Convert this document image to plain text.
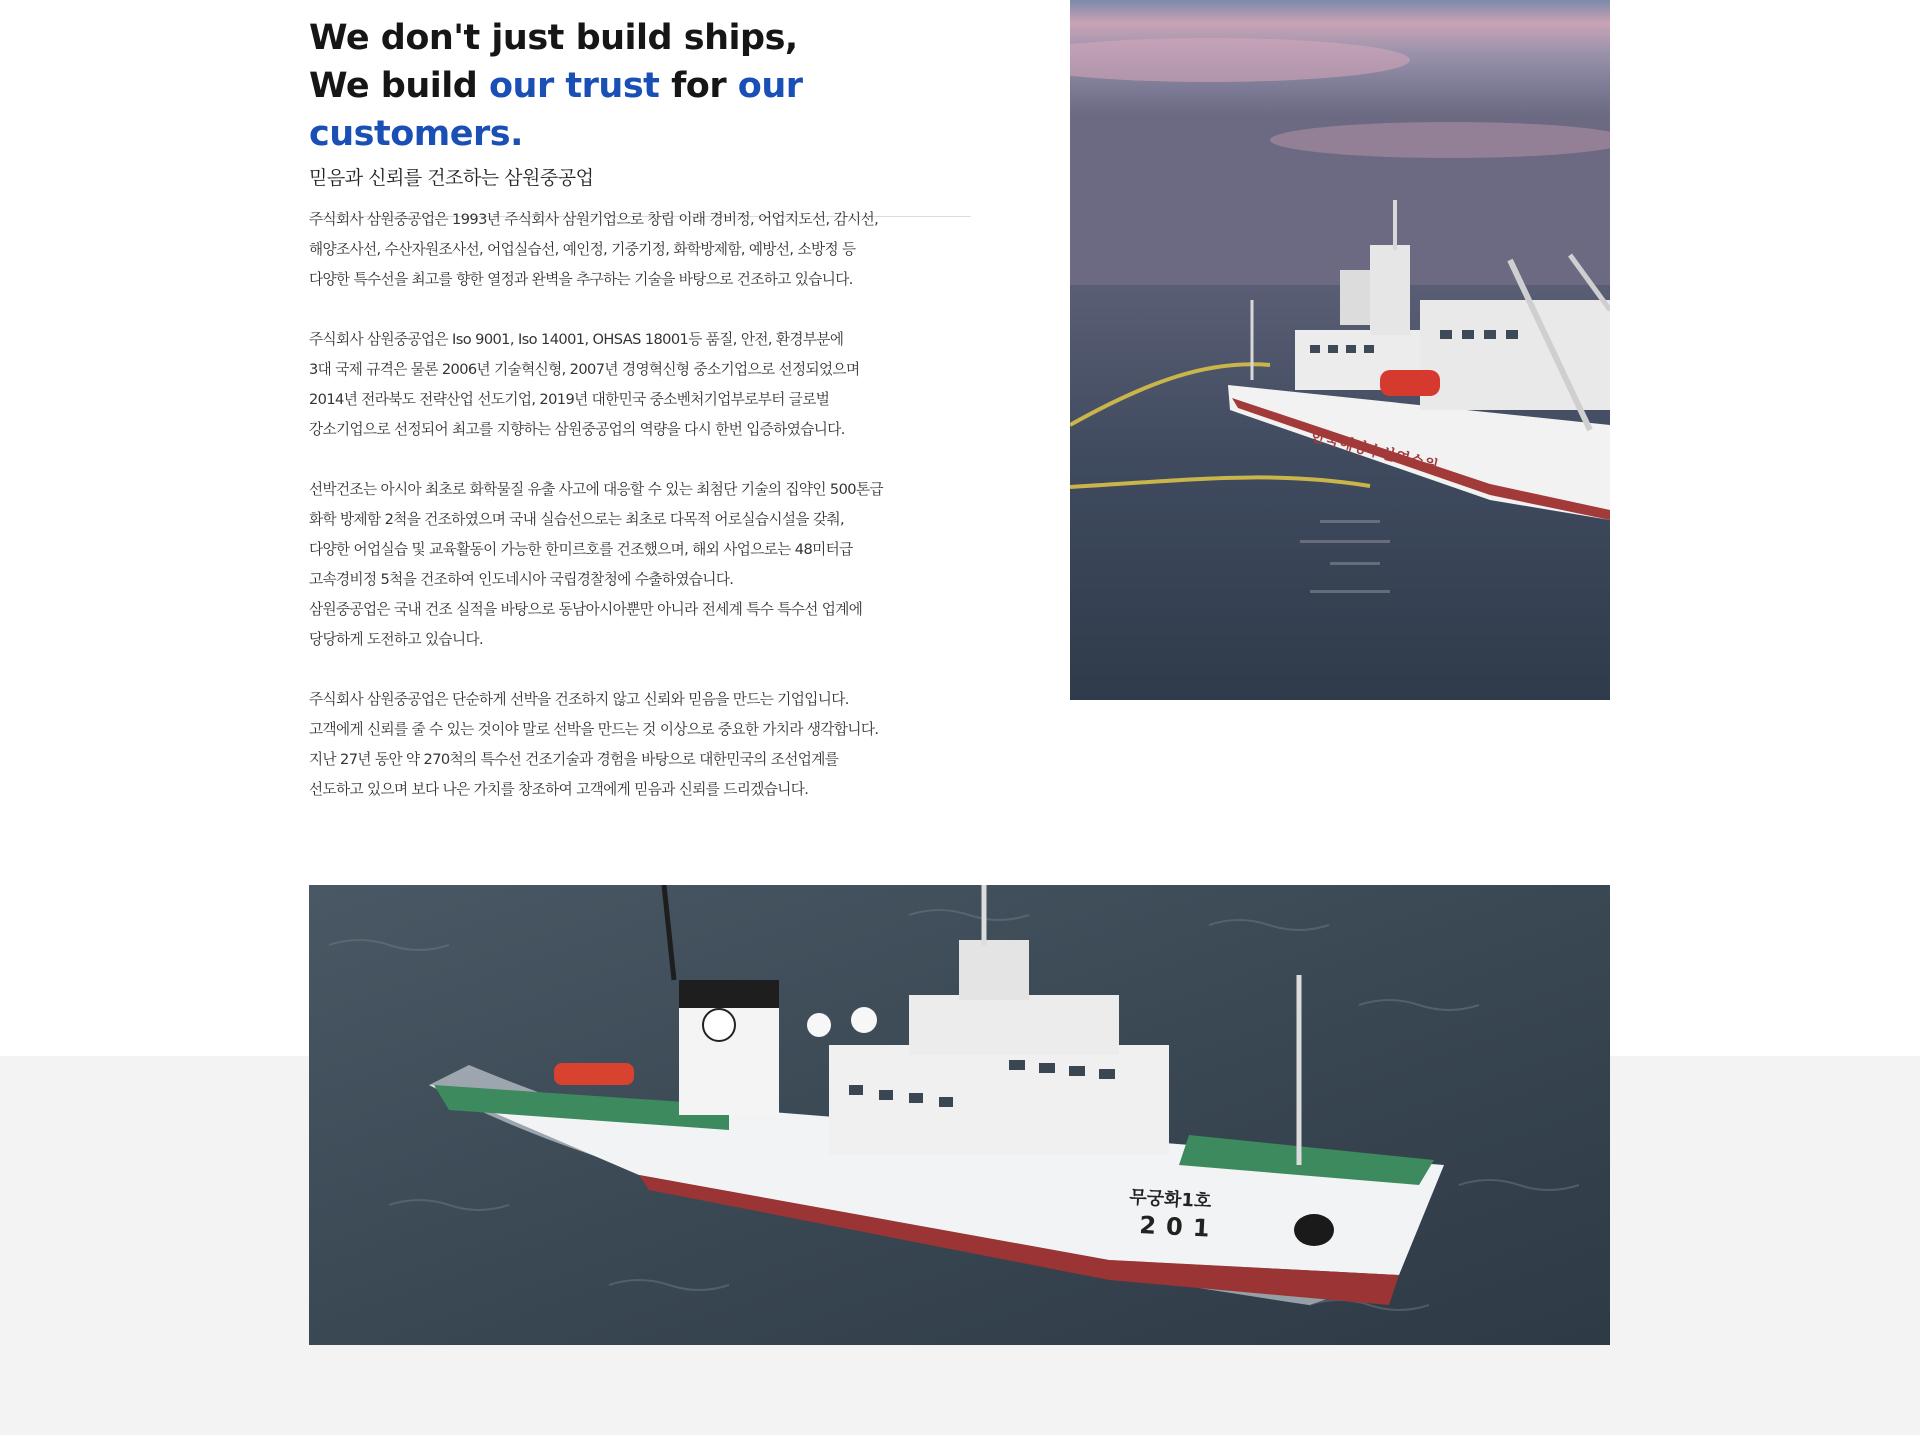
We don't just build ships,
We build our trust for our customers.

믿음과 신뢰를 건조하는 삼원중공업

주식회사 삼원중공업은 1993년 주식회사 삼원기업으로 창립 이래 경비정, 어업지도선, 감시선,
해양조사선, 수산자원조사선, 어업실습선, 예인정, 기중기정, 화학방제함, 예방선, 소방정 등
다양한 특수선을 최고를 향한 열정과 완벽을 추구하는 기술을 바탕으로 건조하고 있습니다.
주식회사 삼원중공업은 Iso 9001, Iso 14001, OHSAS 18001등 품질, 안전, 환경부분에
3대 국제 규격은 물론 2006년 기술혁신형, 2007년 경영혁신형 중소기업으로 선정되었으며
2014년 전라북도 전략산업 선도기업, 2019년 대한민국 중소벤처기업부로부터 글로벌
강소기업으로 선정되어 최고를 지향하는 삼원중공업의 역량을 다시 한번 입증하였습니다.
선박건조는 아시아 최초로 화학물질 유출 사고에 대응할 수 있는 최첨단 기술의 집약인 500톤급
화학 방제함 2척을 건조하였으며 국내 실습선으로는 최초로 다목적 어로실습시설을 갖춰,
다양한 어업실습 및 교육활동이 가능한 한미르호를 건조했으며, 해외 사업으로는 48미터급
고속경비정 5척을 건조하여 인도네시아 국립경찰청에 수출하였습니다.
삼원중공업은 국내 건조 실적을 바탕으로 동남아시아뿐만 아니라 전세계 특수 특수선 업계에
당당하게 도전하고 있습니다.
주식회사 삼원중공업은 단순하게 선박을 건조하지 않고 신뢰와 믿음을 만드는 기업입니다.
고객에게 신뢰를 줄 수 있는 것이야 말로 선박을 만드는 것 이상으로 중요한 가치라 생각합니다.
지난 27년 동안 약 270척의 특수선 건조기술과 경험을 바탕으로 대한민국의 조선업계를
선도하고 있으며 보다 나은 가치를 창조하여 고객에게 믿음과 신뢰를 드리겠습니다.
한국해양수산연수원
무궁화1호
201
